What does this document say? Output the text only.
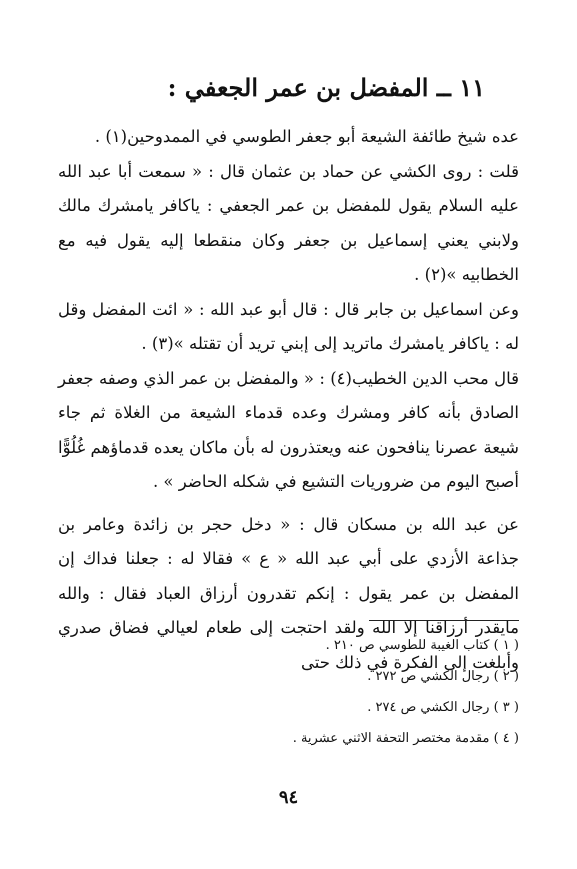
١١ ــ المفضل بن عمر الجعفي :

عده شيخ طائفة الشيعة أبو جعفر الطوسي في الممدوحين(١) .

قلت : روى الكشي عن حماد بن عثمان قال : « سمعت أبا عبد الله عليه السلام يقول للمفضل بن عمر الجعفي : ياكافر يامشرك مالك ولابني يعني إسماعيل بن جعفر وكان منقطعا إليه يقول فيه مع الخطابيه »(٢) .

وعن اسماعيل بن جابر قال : قال أبو عبد الله : « ائت المفضل وقل له : ياكافر يامشرك ماتريد إلى إبني تريد أن تقتله »(٣) .

قال محب الدين الخطيب(٤) : « والمفضل بن عمر الذي وصفه جعفر الصادق بأنه كافر ومشرك وعده قدماء الشيعة من الغلاة ثم جاء شيعة عصرنا ينافحون عنه ويعتذرون له بأن ماكان يعده قدماؤهم غُلُوًّا أصبح اليوم من ضروريات التشيع في شكله الحاضر » .

عن عبد الله بن مسكان قال : « دخل حجر بن زائدة وعامر بن جذاعة الأزدي على أبي عبد الله « ع » فقالا له : جعلنا فداك إن المفضل بن عمر يقول : إنكم تقدرون أرزاق العباد فقال : والله مايقدر أرزاقنا إلا الله ولقد احتجت إلى طعام لعيالي فضاق صدري وأبلغت إلى الفكرة في ذلك حتى

( ١ ) كتاب الغيبة للطوسي ص ٢١٠ .
( ٢ ) رجال الكشي ص ٢٧٢ .
( ٣ ) رجال الكشي ص ٢٧٤ .
( ٤ ) مقدمة مختصر التحفة الاثني عشرية .
٩٤
